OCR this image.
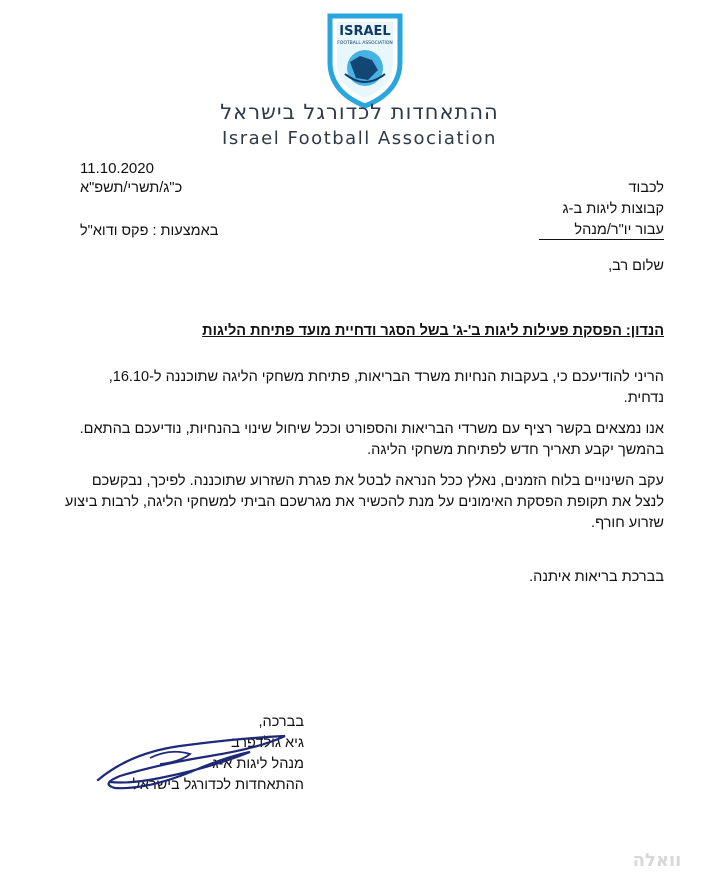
ISRAEL
FOOTBALL ASSOCIATION
ההתאחדות לכדורגל בישראל
Israel Football Association
11.10.2020
כ"ג/תשרי/תשפ"א
באמצעות : פקס ודוא"ל
לכבוד
קבוצות ליגות ב-ג
עבור יו"ר/מנהל
שלום רב,
הנדון: הפסקת פעילות ליגות ב'-ג' בשל הסגר ודחיית מועד פתיחת הליגות
הריני להודיעכם כי, בעקבות הנחיות משרד הבריאות, פתיחת משחקי הליגה שתוכננה ל-16.10,
נדחית.
אנו נמצאים בקשר רציף עם משרדי הבריאות והספורט וככל שיחול שינוי בהנחיות, נודיעכם בהתאם.
בהמשך יקבע תאריך חדש לפתיחת משחקי הליגה.
עקב השינויים בלוח הזמנים, נאלץ ככל הנראה לבטל את פגרת השזרוע שתוכננה. לפיכך, נבקשכם
לנצל את תקופת הפסקת האימונים על מנת להכשיר את מגרשכם הביתי למשחקי הליגה, לרבות ביצוע
שזרוע חורף.
בברכת בריאות איתנה.
בברכה,
גיא גולדפרב
מנהל ליגות א-ג
ההתאחדות לכדורגל בישראל
וואלה
